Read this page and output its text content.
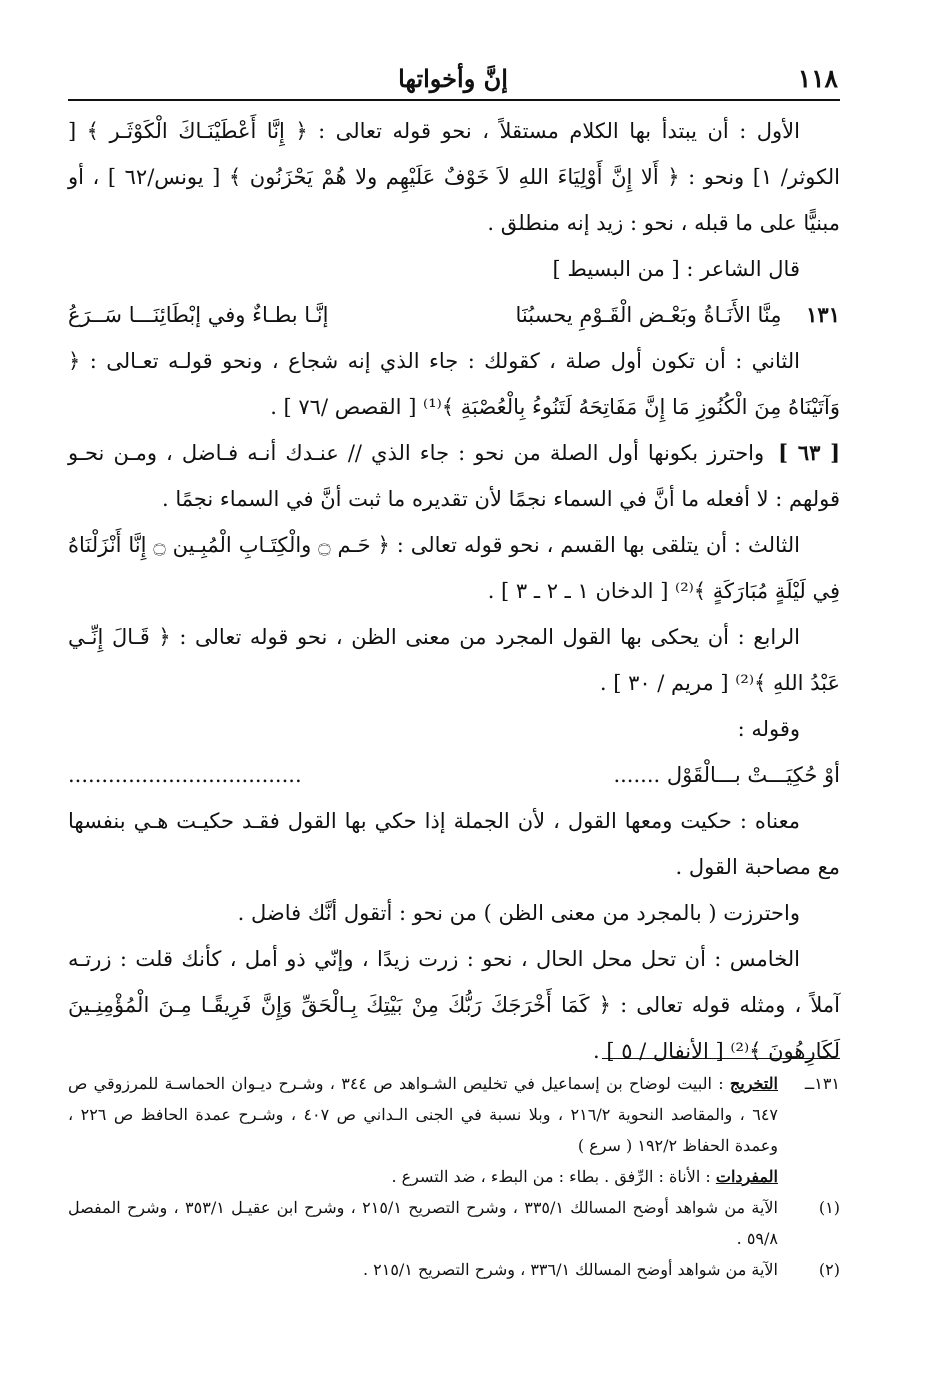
١١٨
إنَّ وأخواتها

الأول : أن يبتدأ بها الكلام مستقلاً ، نحو قوله تعالى : ﴿ إِنَّا أَعْطَيْنَـاكَ الْكَوْثَـر ﴾ [ الكوثر/ ١] ونحو : ﴿ أَلا إِنَّ أَوْلِيَاءَ اللهِ لاَ خَوْفٌ عَلَيْهِم ولا هُمْ يَحْزَنُون ﴾ [ يونس/٦٢ ] ، أو مبنيًّا على ما قبله ، نحو : زيد إنه منطلق .

قال الشاعر : [ من البسيط ]

١٣١ مِنَّا الأَنَـاةُ وبَعْـض الْقَـوْمِ يحسبُنَا
إنَّـا بطـاءٌ وفي إبْطَائِنَـــا سَــرَعُ

الثاني : أن تكون أول صلة ، كقولك : جاء الذي إنه شجاع ، ونحو قولـه تعـالى : ﴿ وَآتَيْنَاهُ مِنَ الْكُنُوزِ مَا إِنَّ مَفَاتِحَهُ لَتَنُوءُ بِالْعُصْبَةِ ﴾⁽¹⁾ [ القصص /٧٦ ] .

[ ٦٣ ]واحترز بكونها أول الصلة من نحو : جاء الذي // عنـدك أنـه فـاضل ، ومـن نحـو قولهم : لا أفعله ما أنَّ في السماء نجمًا لأن تقديره ما ثبت أنَّ في السماء نجمًا .

الثالث : أن يتلقى بها القسم ، نحو قوله تعالى : ﴿ حَـم ۝ والْكِتَـابِ الْمُبِـين ۝ إِنَّا أَنْزَلْنَاهُ فِي لَيْلَةٍ مُبَارَكَةٍ ﴾⁽²⁾ [ الدخان ١ ـ ٢ ـ ٣ ] .

الرابع : أن يحكى بها القول المجرد من معنى الظن ، نحو قوله تعالى : ﴿ قَـالَ إِنِّـي عَبْدُ اللهِ ﴾⁽²⁾ [ مريم / ٣٠ ] .

وقوله :

أوْ حُكِيَـــتْ بـــالْقَوْل .......
...................................

معناه : حكيت ومعها القول ، لأن الجملة إذا حكي بها القول فقـد حكيـت هـي بنفسها مع مصاحبة القول .

واحترزت ( بالمجرد من معنى الظن ) من نحو : أتقول أنَّك فاضل .

الخامس : أن تحل محل الحال ، نحو : زرت زيدًا ، وإنّي ذو أمل ، كأنك قلت : زرتـه آملاً ، ومثله قوله تعالى : ﴿ كَمَا أَخْرَجَكَ رَبُّكَ مِنْ بَيْتِكَ بِـالْحَقِّ وَإِنَّ فَرِيقًـا مِـنَ الْمُؤْمِنِـينَ لَكَارِهُونَ ﴾⁽²⁾ [ الأنفال / ٥ ] .

١٣١ــالتخريج : البيت لوضاح بن إسماعيل في تخليص الشـواهد ص ٣٤٤ ، وشـرح ديـوان الحماسـة للمرزوقي ص ٦٤٧ ، والمقاصد النحوية ٢١٦/٢ ، وبلا نسبة في الجنى الـداني ص ٤٠٧ ، وشـرح عمدة الحافظ ص ٢٢٦ ، وعمدة الحفاظ ١٩٢/٢ ( سرع )

المفردات : الأناة : الرِّفق . بطاء : من البطء ، ضد التسرع .

(١)الآية من شواهد أوضح المسالك ٣٣٥/١ ، وشرح التصريح ٢١٥/١ ، وشرح ابن عقيـل ٣٥٣/١ ، وشرح المفصل ٥٩/٨ .

(٢)الآية من شواهد أوضح المسالك ٣٣٦/١ ، وشرح التصريح ٢١٥/١ .
